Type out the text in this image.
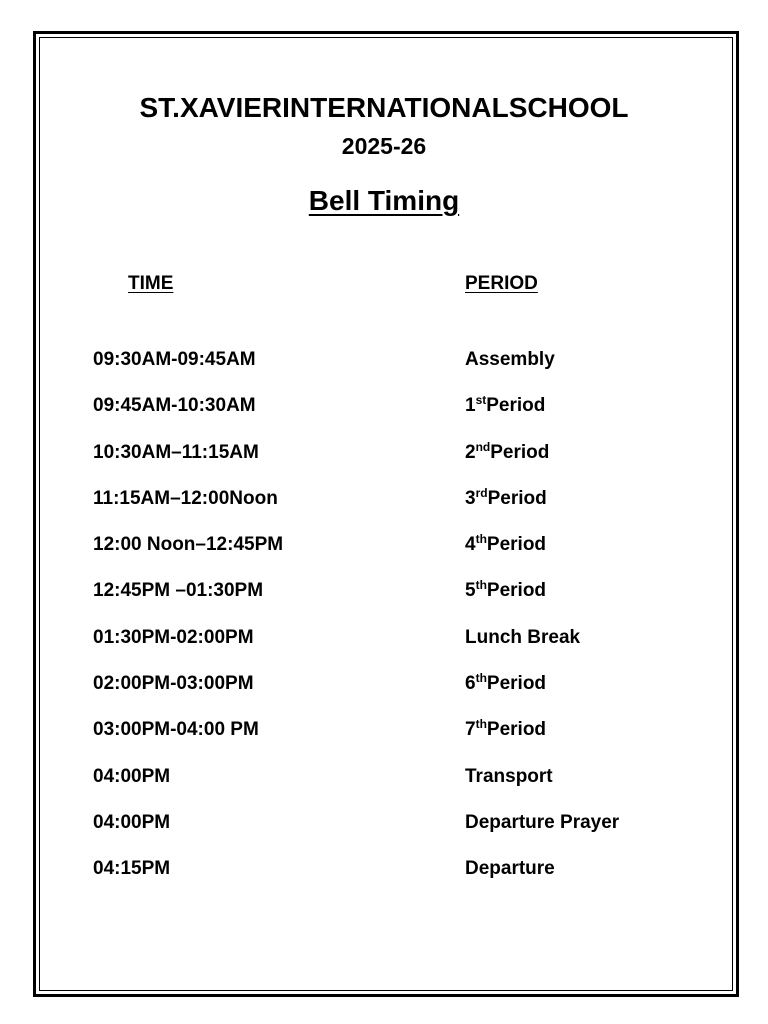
ST.XAVIERINTERNATIONALSCHOOL
2025-26
Bell Timing
TIME	PERIOD
09:30AM-09:45AM	Assembly
09:45AM-10:30AM	1stPeriod
10:30AM–11:15AM	2ndPeriod
11:15AM–12:00Noon	3rdPeriod
12:00 Noon–12:45PM	4thPeriod
12:45PM –01:30PM	5thPeriod
01:30PM-02:00PM	Lunch Break
02:00PM-03:00PM	6thPeriod
03:00PM-04:00 PM	7thPeriod
04:00PM	Transport
04:00PM	Departure Prayer
04:15PM	Departure
